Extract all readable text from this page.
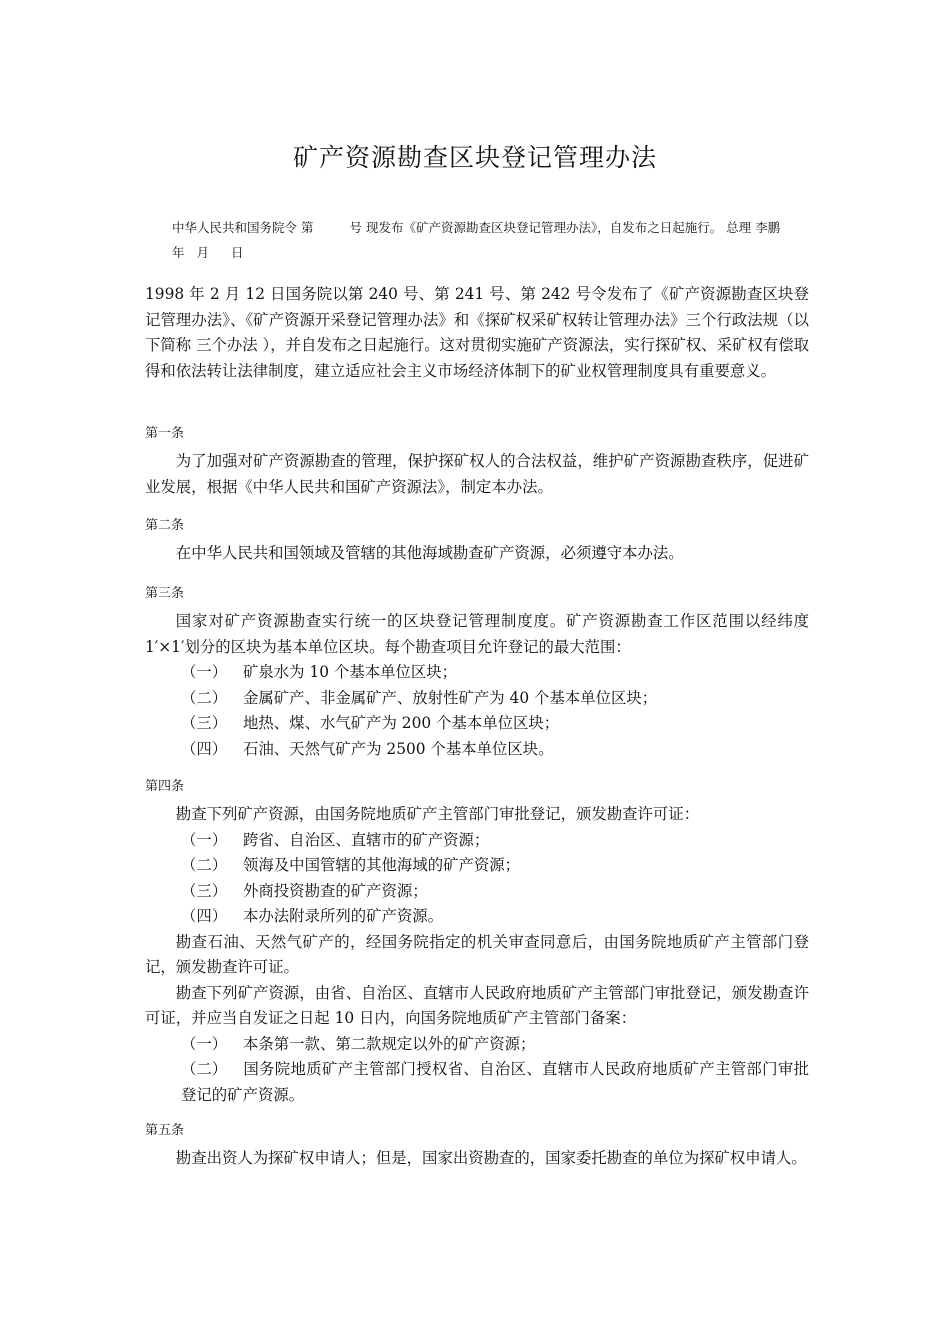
矿产资源勘查区块登记管理办法
中华人民共和国务院令 第	号 现发布《矿产资源勘查区块登记管理办法》，自发布之日起施行。 总理 李鹏
年 月 日

1998 年 2 月 12 日国务院以第 240 号、第 241 号、第 242 号令发布了《矿产资源勘查区块登记管理办法》、《矿产资源开采登记管理办法》和《探矿权采矿权转让管理办法》三个行政法规（以下简称 三个办法 ），并自发布之日起施行。这对贯彻实施矿产资源法，实行探矿权、采矿权有偿取得和依法转让法律制度，建立适应社会主义市场经济体制下的矿业权管理制度具有重要意义。

第一条

为了加强对矿产资源勘查的管理，保护探矿权人的合法权益，维护矿产资源勘查秩序，促进矿业发展，根据《中华人民共和国矿产资源法》，制定本办法。

第二条

在中华人民共和国领域及管辖的其他海域勘查矿产资源，必须遵守本办法。

第三条

国家对矿产资源勘查实行统一的区块登记管理制度度。矿产资源勘查工作区范围以经纬度 1′×1′划分的区块为基本单位区块。每个勘查项目允许登记的最大范围：

（一） 矿泉水为 10 个基本单位区块；

（二） 金属矿产、非金属矿产、放射性矿产为 40 个基本单位区块；

（三） 地热、煤、水气矿产为 200 个基本单位区块；

（四） 石油、天然气矿产为 2500 个基本单位区块。

第四条

勘查下列矿产资源，由国务院地质矿产主管部门审批登记，颁发勘查许可证：

（一） 跨省、自治区、直辖市的矿产资源；

（二） 领海及中国管辖的其他海域的矿产资源；

（三） 外商投资勘查的矿产资源；

（四） 本办法附录所列的矿产资源。

勘查石油、天然气矿产的，经国务院指定的机关审查同意后，由国务院地质矿产主管部门登记，颁发勘查许可证。

勘查下列矿产资源，由省、自治区、直辖市人民政府地质矿产主管部门审批登记，颁发勘查许可证，并应当自发证之日起 10 日内，向国务院地质矿产主管部门备案：

（一） 本条第一款、第二款规定以外的矿产资源；

（二） 国务院地质矿产主管部门授权省、自治区、直辖市人民政府地质矿产主管部门审批登记的矿产资源。

第五条

勘查出资人为探矿权申请人；但是，国家出资勘查的，国家委托勘查的单位为探矿权申请人。
